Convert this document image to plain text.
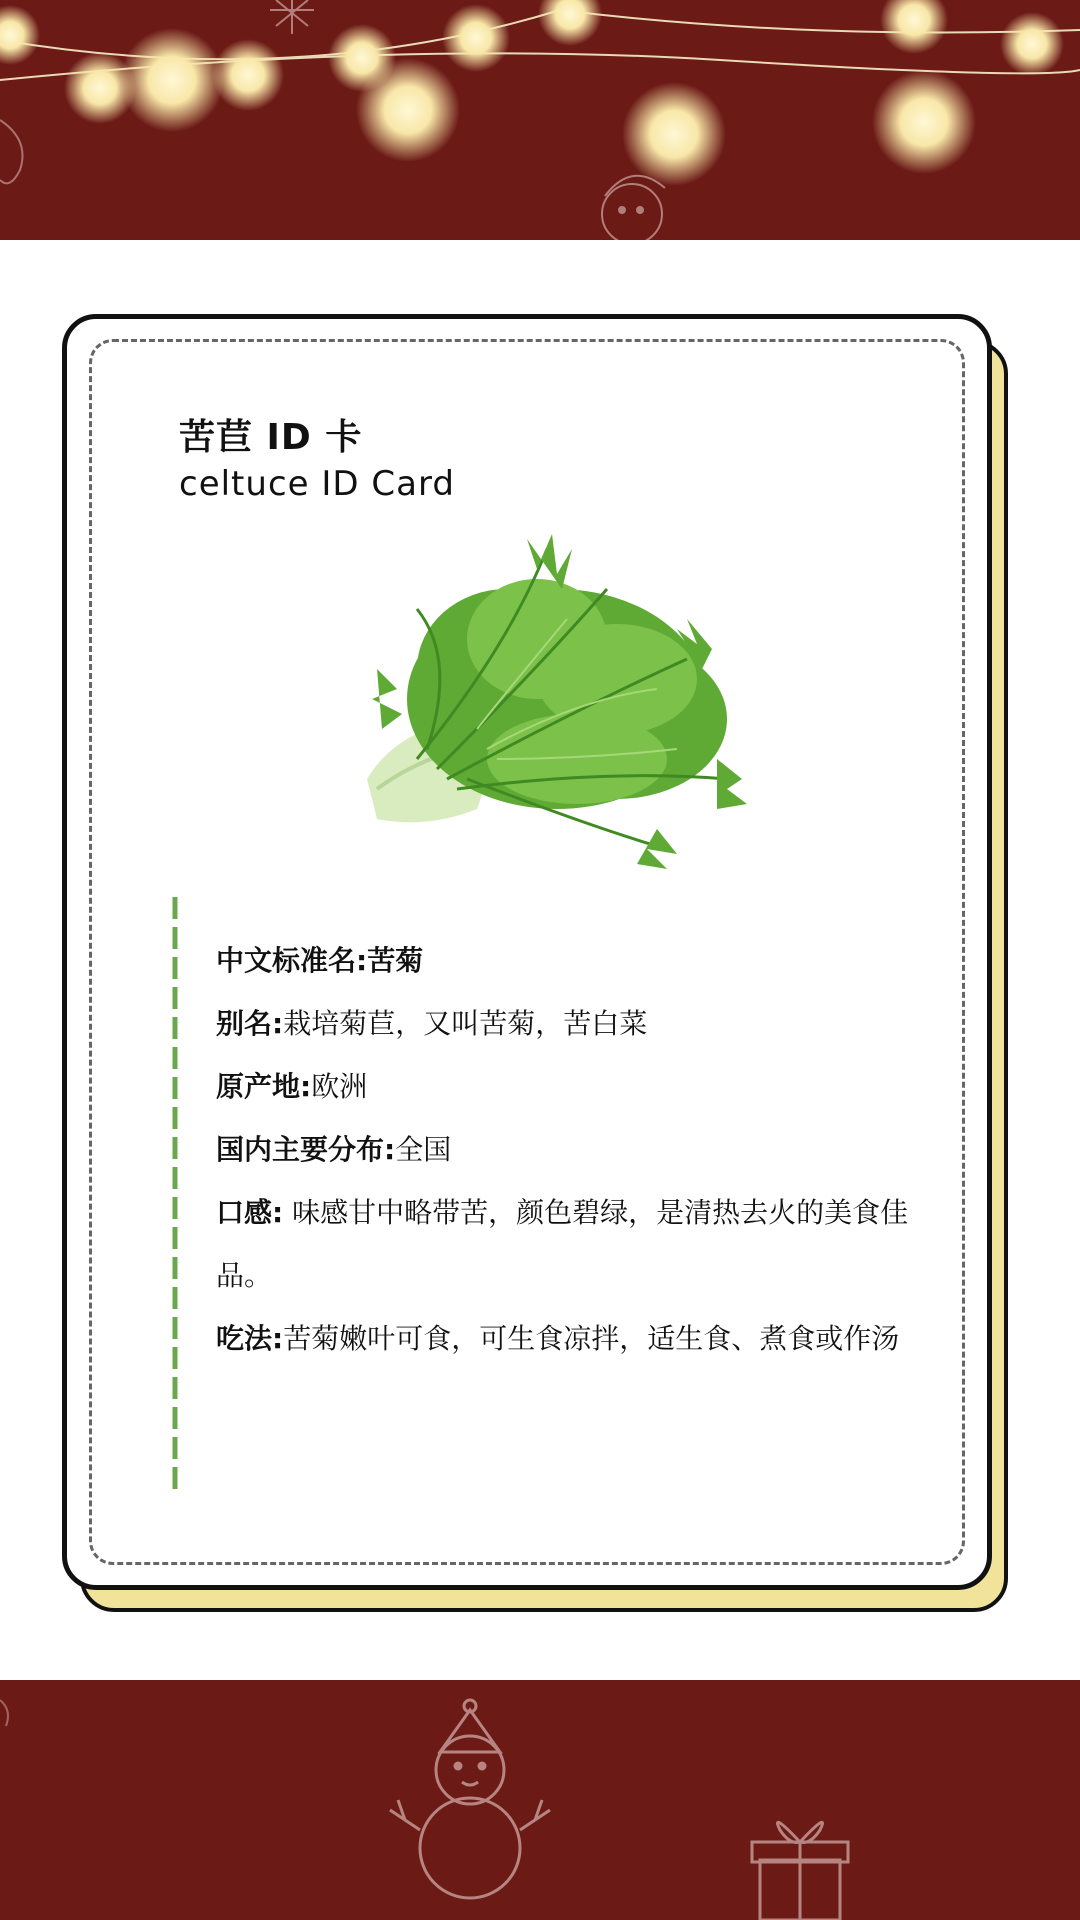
苦苣 ID 卡
celtuce ID Card

中文标准名:苦菊

别名:栽培菊苣，又叫苦菊，苦白菜

原产地:欧洲

国内主要分布:全国

口感: 味感甘中略带苦，颜色碧绿，是清热去火的美食佳品。

吃法:苦菊嫩叶可食，可生食凉拌，适生食、煮食或作汤
